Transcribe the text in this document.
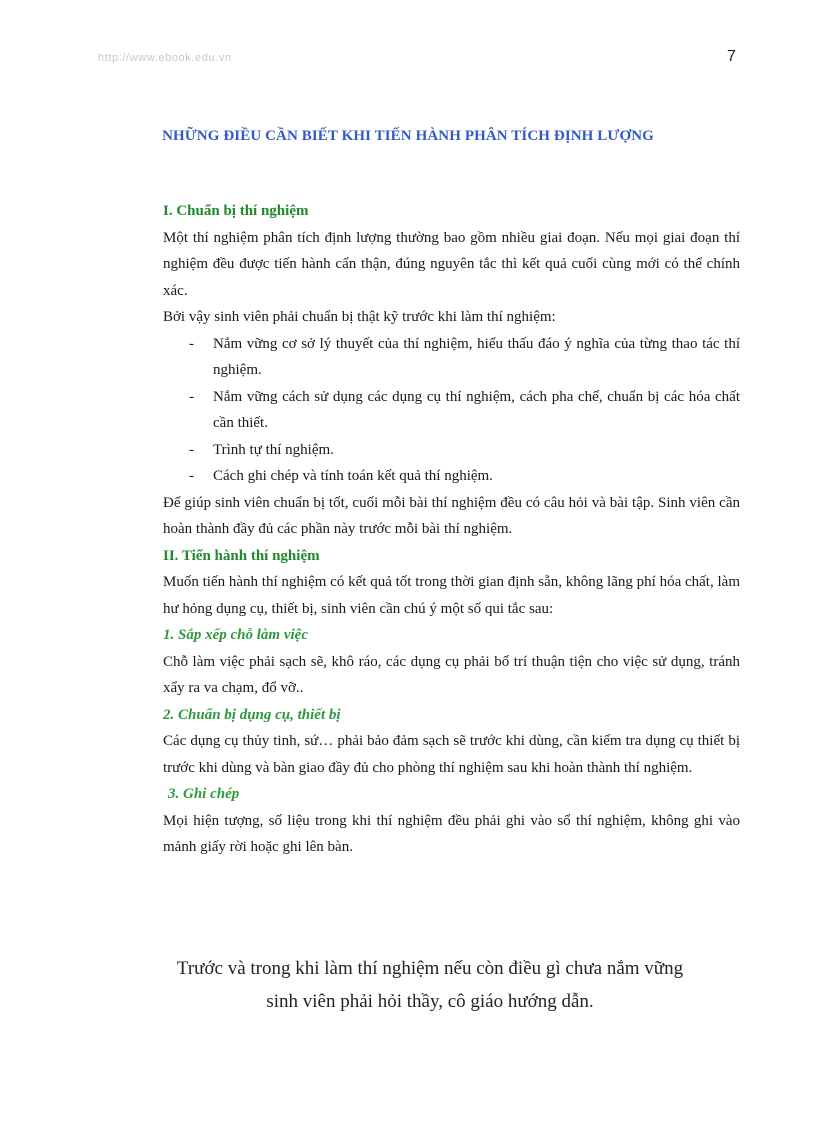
http://www.ebook.edu.vn	7
NHỮNG ĐIỀU CẦN BIẾT KHI TIẾN HÀNH PHÂN TÍCH ĐỊNH LƯỢNG

I. Chuẩn bị thí nghiệm

Một thí nghiệm phân tích định lượng thường bao gồm nhiều giai đoạn. Nếu mọi giai đoạn thí nghiệm đều được tiến hành cẩn thận, đúng nguyên tắc thì kết quả cuối cùng mới có thể chính xác.

Bởi vậy sinh viên phải chuẩn bị thật kỹ trước khi làm thí nghiệm:

- Nắm vững cơ sở lý thuyết của thí nghiệm, hiểu thấu đáo ý nghĩa của từng thao tác thí nghiệm.
- Nắm vững cách sử dụng các dụng cụ thí nghiệm, cách pha chế, chuẩn bị các hóa chất cần thiết.
- Trình tự thí nghiệm.
- Cách ghi chép và tính toán kết quả thí nghiệm.

Để giúp sinh viên chuẩn bị tốt, cuối mỗi bài thí nghiệm đều có câu hỏi và bài tập. Sinh viên cần hoàn thành đầy đủ các phần này trước mỗi bài thí nghiệm.

II. Tiến hành thí nghiệm

Muốn tiến hành thí nghiệm có kết quả tốt trong thời gian định sẵn, không lãng phí hóa chất, làm hư hỏng dụng cụ, thiết bị, sinh viên cần chú ý một số qui tắc sau:

1. Sắp xếp chỗ làm việc

Chỗ làm việc phải sạch sẽ, khô ráo, các dụng cụ phải bố trí thuận tiện cho việc sử dụng, tránh xẩy ra va chạm, đổ vỡ..

2. Chuẩn bị dụng cụ, thiết bị

Các dụng cụ thủy tinh, sứ… phải bảo đảm sạch sẽ trước khi dùng, cần kiểm tra dụng cụ thiết bị trước khi dùng và bàn giao đầy đủ cho phòng thí nghiệm sau khi hoàn thành thí nghiệm.

3. Ghi chép

Mọi hiện tượng, số liệu trong khi thí nghiệm đều phải ghi vào sổ thí nghiệm, không ghi vào mảnh giấy rời hoặc ghi lên bàn.

Trước và trong khi làm thí nghiệm nếu còn điều gì chưa nắm vững

sinh viên phải hỏi thầy, cô giáo hướng dẫn.
